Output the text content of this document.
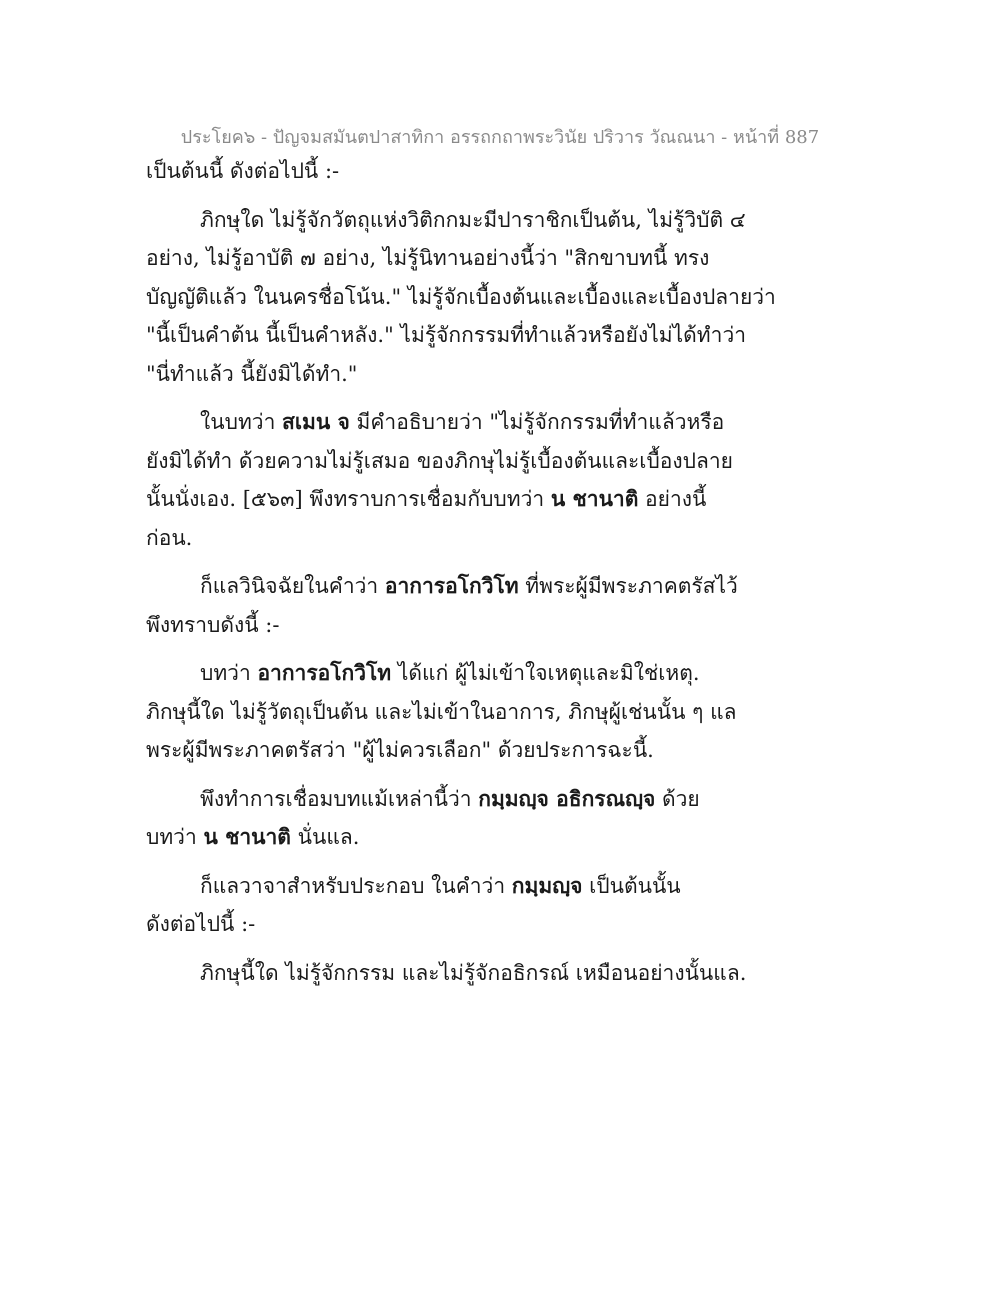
ประโยค๖ - ปัญจมสมันตปาสาทิกา อรรถกถาพระวินัย ปริวาร วัณณนา - หน้าที่ 887
เป็นต้นนี้ ดังต่อไปนี้ :-
ภิกษุใด ไม่รู้จักวัตถุแห่งวิติกกมะมีปาราชิกเป็นต้น, ไม่รู้วิบัติ ๔
อย่าง, ไม่รู้อาบัติ ๗ อย่าง, ไม่รู้นิทานอย่างนี้ว่า "สิกขาบทนี้ ทรง
บัญญัติแล้ว ในนครชื่อโน้น." ไม่รู้จักเบื้องต้นและเบื้องและเบื้องปลายว่า
"นี้เป็นคำต้น นี้เป็นคำหลัง." ไม่รู้จักกรรมที่ทำแล้วหรือยังไม่ได้ทำว่า
"นี่ทำแล้ว นี้ยังมิได้ทำ."
ในบทว่า สเมน จ มีคำอธิบายว่า "ไม่รู้จักกรรมที่ทำแล้วหรือ
ยังมิได้ทำ ด้วยความไม่รู้เสมอ ของภิกษุไม่รู้เบื้องต้นและเบื้องปลาย
นั้นนั่งเอง. [๕๖๓] พึงทราบการเชื่อมกับบทว่า น ชานาติ อย่างนี้
ก่อน.
ก็แลวินิจฉัยในคำว่า อาการอโกวิโท ที่พระผู้มีพระภาคตรัสไว้
พึงทราบดังนี้ :-
บทว่า อาการอโกวิโท ได้แก่ ผู้ไม่เข้าใจเหตุและมิใช่เหตุ.
ภิกษุนี้ใด ไม่รู้วัตถุเป็นต้น และไม่เข้าในอาการ, ภิกษุผู้เช่นนั้น ๆ แล
พระผู้มีพระภาคตรัสว่า "ผู้ไม่ควรเลือก" ด้วยประการฉะนี้.
พึงทำการเชื่อมบทแม้เหล่านี้ว่า กมฺมญฺจ อธิกรณญฺจ ด้วย
บทว่า น ชานาติ นั่นแล.
ก็แลวาจาสำหรับประกอบ ในคำว่า กมฺมญฺจ เป็นต้นนั้น
ดังต่อไปนี้ :-
ภิกษุนี้ใด ไม่รู้จักกรรม และไม่รู้จักอธิกรณ์ เหมือนอย่างนั้นแล.
